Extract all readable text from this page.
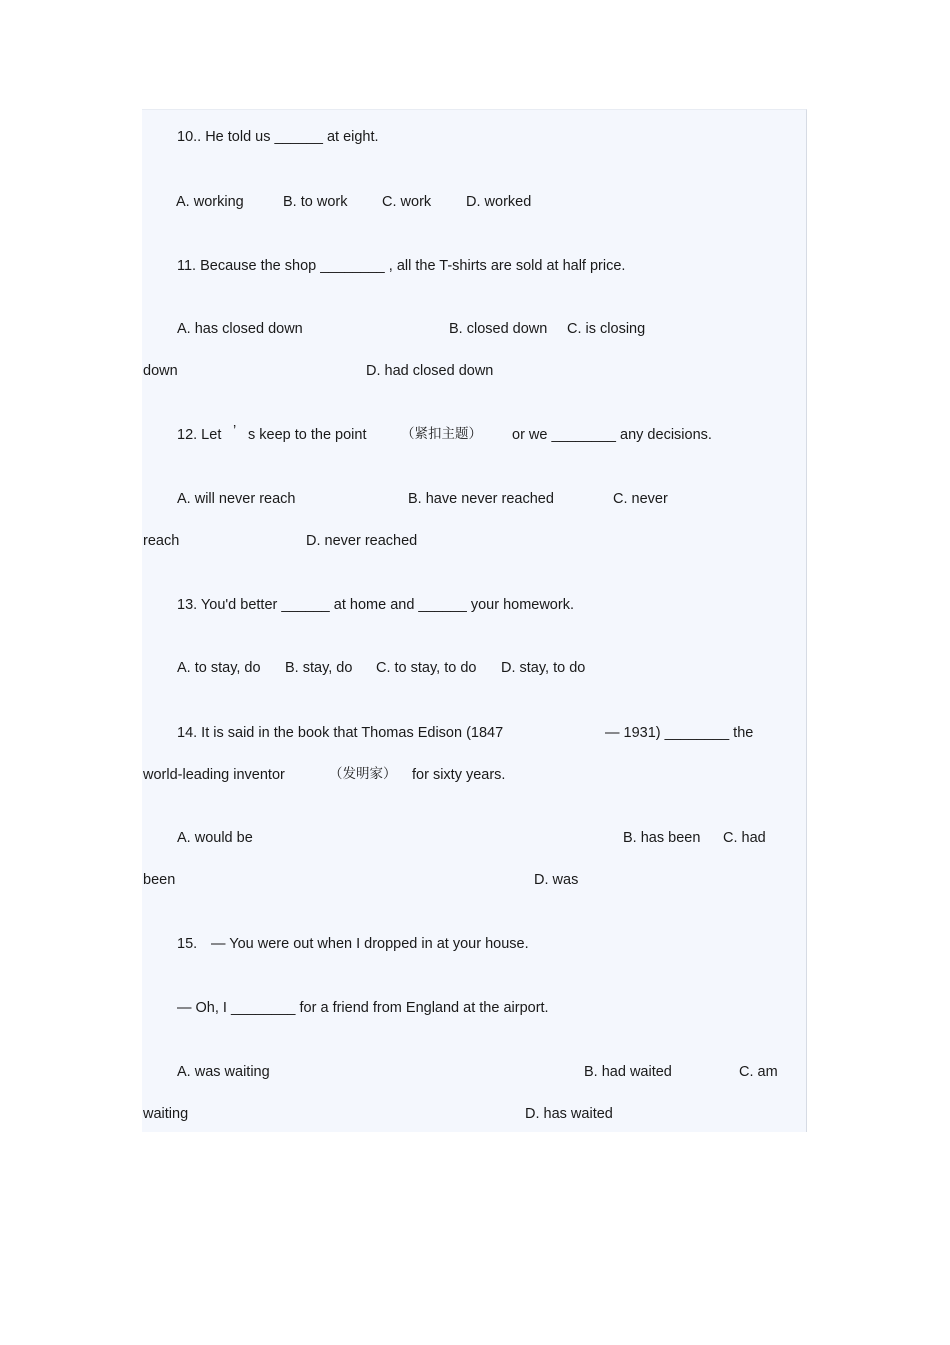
10.. He told us ______ at eight.
A. working	B. to work C. work D. worked
11. Because the shop ________ , all the T-shirts are sold at half price.
A. has closed down	B. closed down C. is closing
down	D. had closed down
12. Let ’ s keep to the point	（紧扣主题） or we ________ any decisions.
A. will never reach	B. have never reached	C. never
reach	D. never reached
13. You'd better ______ at home and ______ your homework.
A. to stay, do B. stay, do C. to stay, to do D. stay, to do
14. It is said in the book that Thomas Edison (1847	— 1931) ________ the
world-leading inventor	（发明家） for sixty years.
A. would be	B. has been C. had
been	D. was
15. — You were out when I dropped in at your house.
— Oh, I ________ for a friend from England at the airport.
A. was waiting	B. had waited	C. am
waiting	D. has waited
